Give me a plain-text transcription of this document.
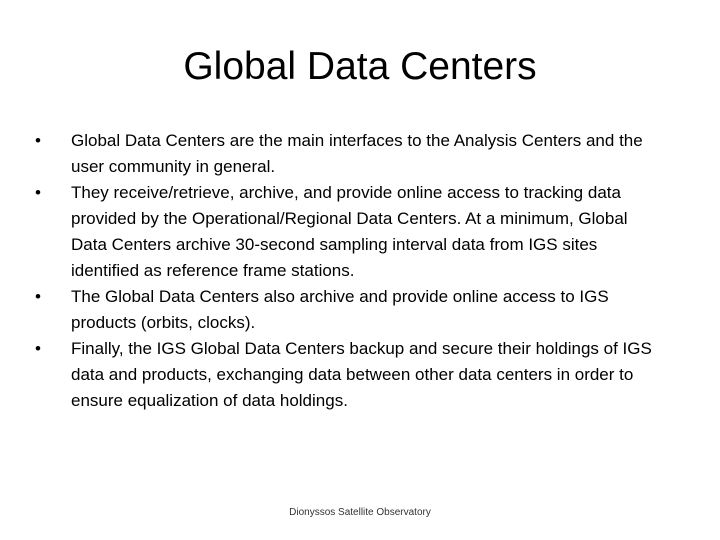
Global Data Centers
•	Global Data Centers are the main interfaces to the Analysis Centers and the user community in general.
•	They receive/retrieve, archive, and provide online access to tracking data provided by the Operational/Regional Data Centers. At a minimum, Global Data Centers archive 30-second sampling interval data from IGS sites identified as reference frame stations.
•	The Global Data Centers also archive and provide online access to IGS products (orbits, clocks).
•	Finally, the IGS Global Data Centers backup and secure their holdings of IGS data and products, exchanging data between other data centers in order to ensure equalization of data holdings.
Dionyssos Satellite Observatory
